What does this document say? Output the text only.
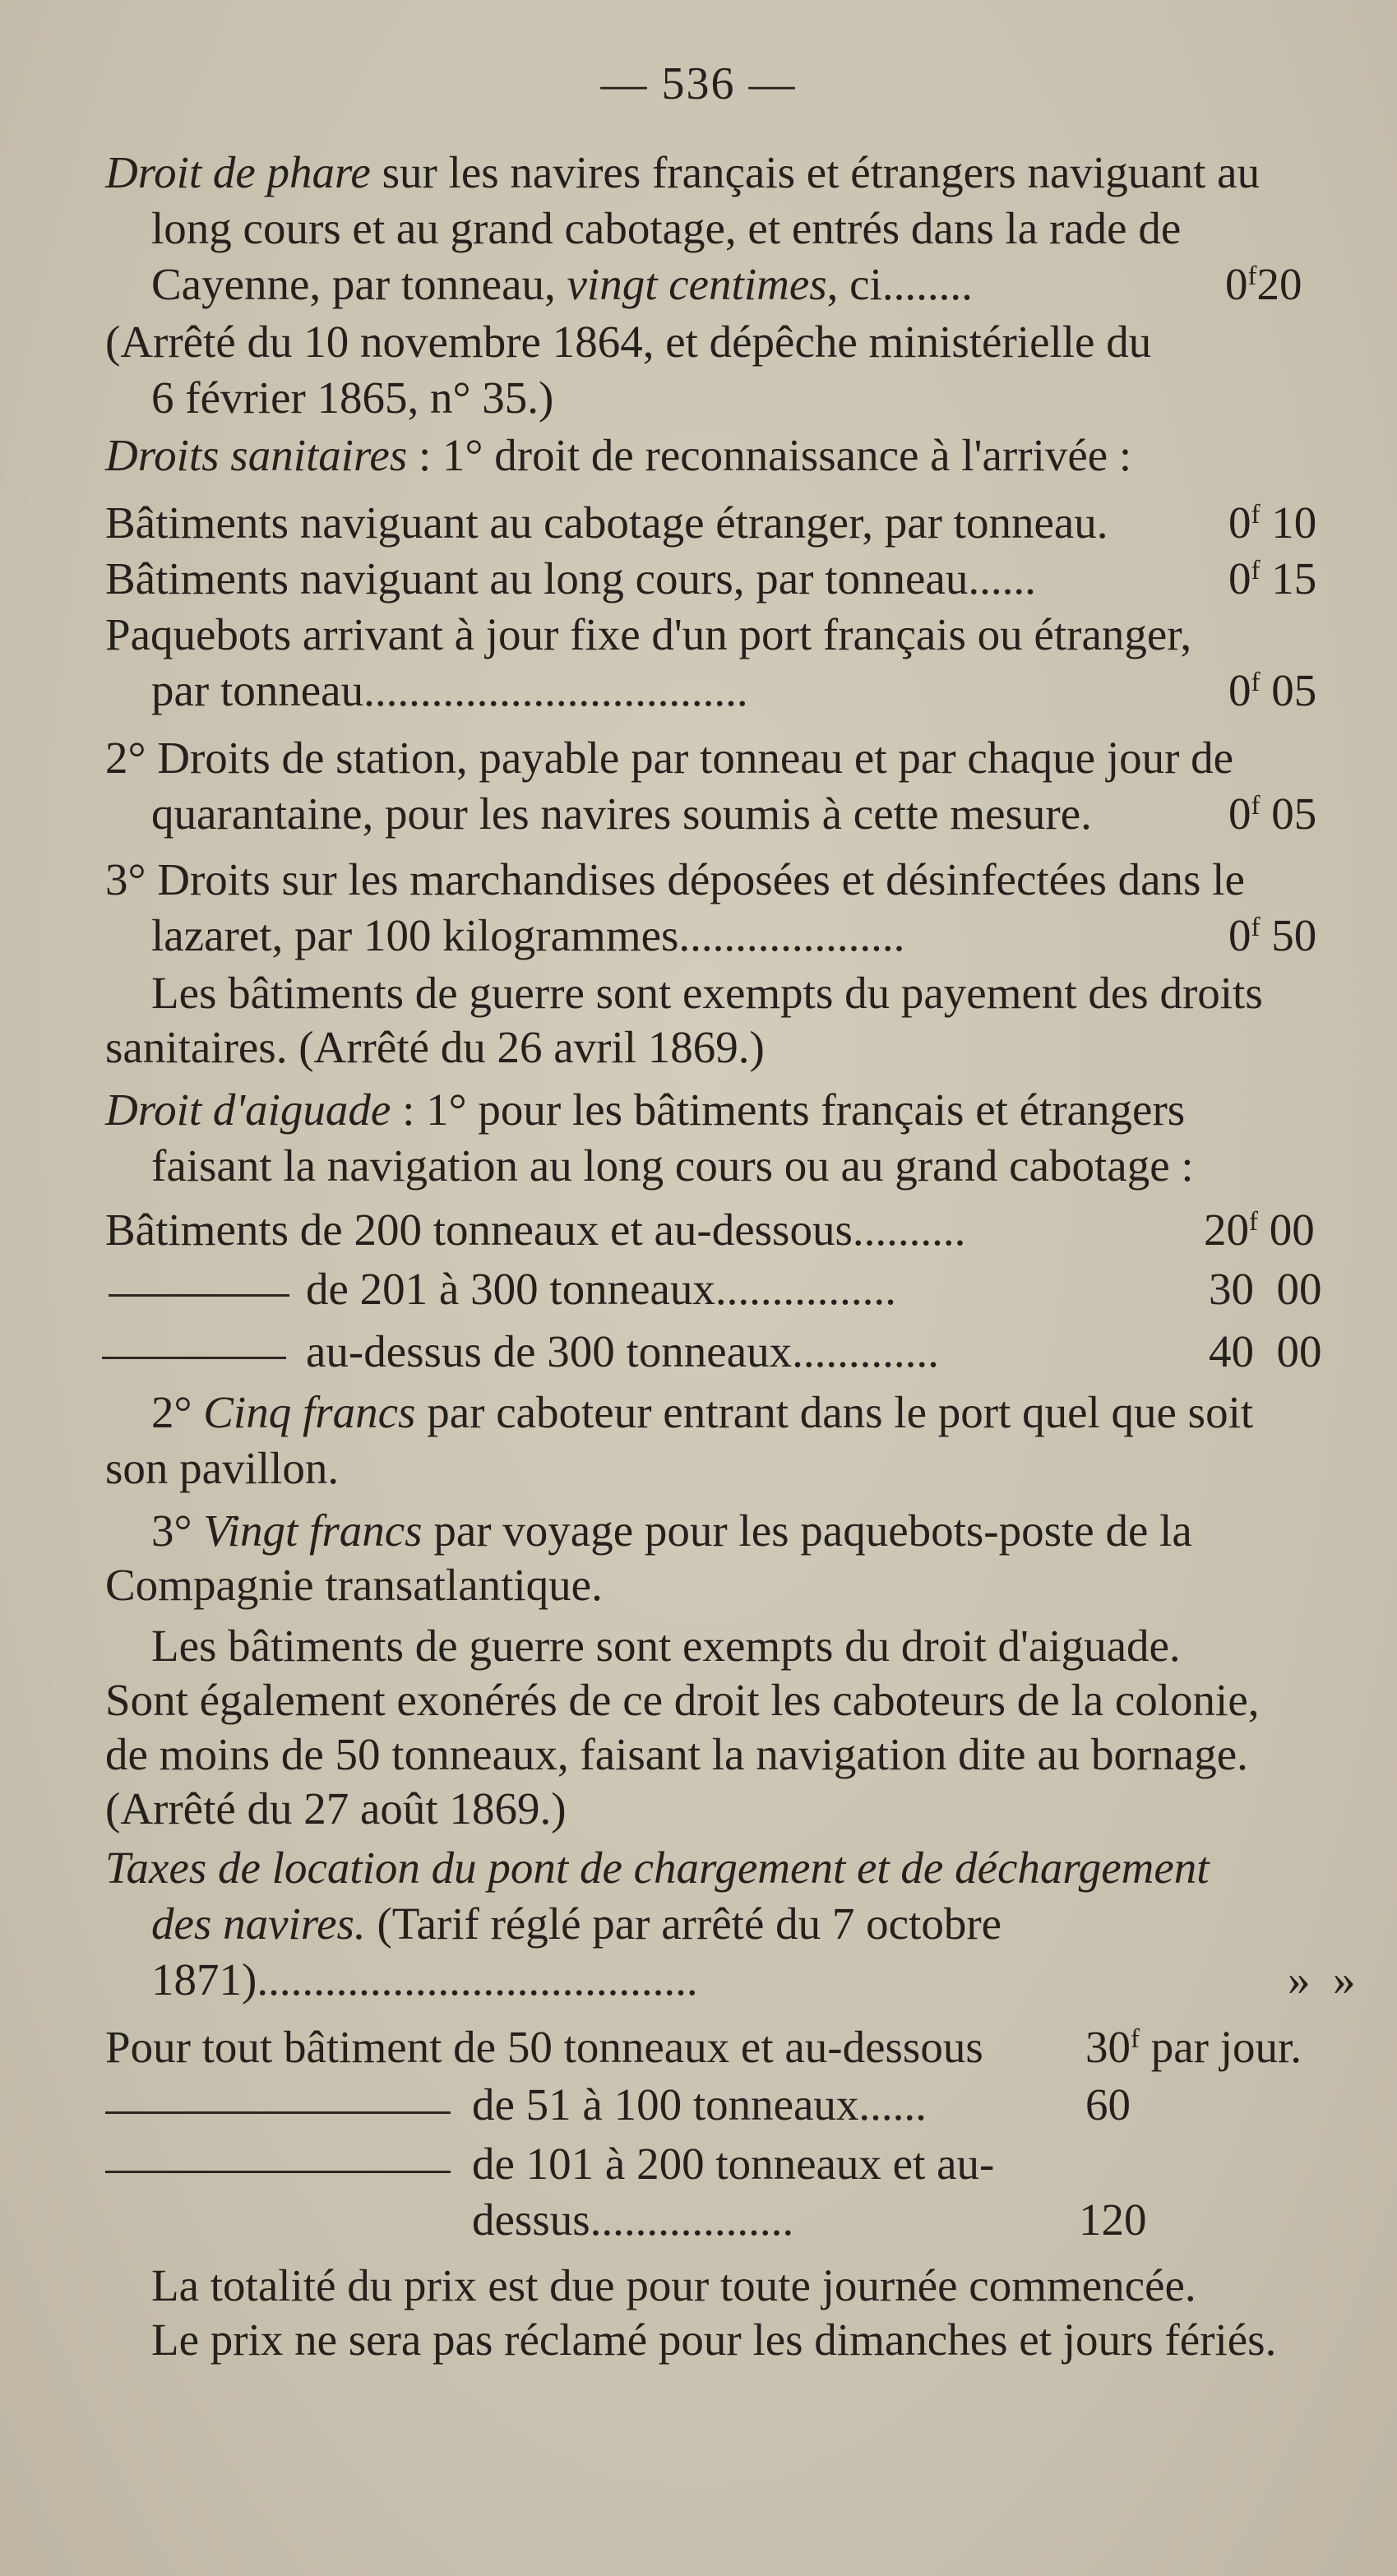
— 536 —
Droit de phare sur les navires français et étrangers naviguant au
long cours et au grand cabotage, et entrés dans la rade de
Cayenne, par tonneau, vingt centimes, ci........	0$^f$20
(Arrêté du 10 novembre 1864, et dépêche ministérielle du
6 février 1865, n° 35.)
Droits sanitaires : 1° droit de reconnaissance à l'arrivée :
Bâtiments naviguant au cabotage étranger, par tonneau.	0$^f$ 10
Bâtiments naviguant au long cours, par tonneau......	0$^f$ 15
Paquebots arrivant à jour fixe d'un port français ou étranger,
par tonneau..................................	0$^f$ 05
2° Droits de station, payable par tonneau et par chaque jour de
quarantaine, pour les navires soumis à cette mesure.	0$^f$ 05
3° Droits sur les marchandises déposées et désinfectées dans le
lazaret, par 100 kilogrammes....................	0$^f$ 50
Les bâtiments de guerre sont exempts du payement des droits
sanitaires. (Arrêté du 26 avril 1869.)
Droit d'aiguade : 1° pour les bâtiments français et étrangers
faisant la navigation au long cours ou au grand cabotage :
Bâtiments de 200 tonneaux et au-dessous..........	20$^f$ 00
de 201 à 300 tonneaux................	30  00
au-dessus de 300 tonneaux.............	40  00
2° Cinq francs par caboteur entrant dans le port quel que soit
son pavillon.
3° Vingt francs par voyage pour les paquebots-poste de la
Compagnie transatlantique.
Les bâtiments de guerre sont exempts du droit d'aiguade.
Sont également exonérés de ce droit les caboteurs de la colonie,
de moins de 50 tonneaux, faisant la navigation dite au bornage.
(Arrêté du 27 août 1869.)
Taxes de location du pont de chargement et de déchargement
des navires. (Tarif réglé par arrêté du 7 octobre
1871).......................................	»  »
Pour tout bâtiment de 50 tonneaux et au-dessous 30$^f$ par jour.
de 51 à 100 tonneaux......	60
de 101 à 200 tonneaux et au-
dessus..................	120
La totalité du prix est due pour toute journée commencée.
Le prix ne sera pas réclamé pour les dimanches et jours fériés.
